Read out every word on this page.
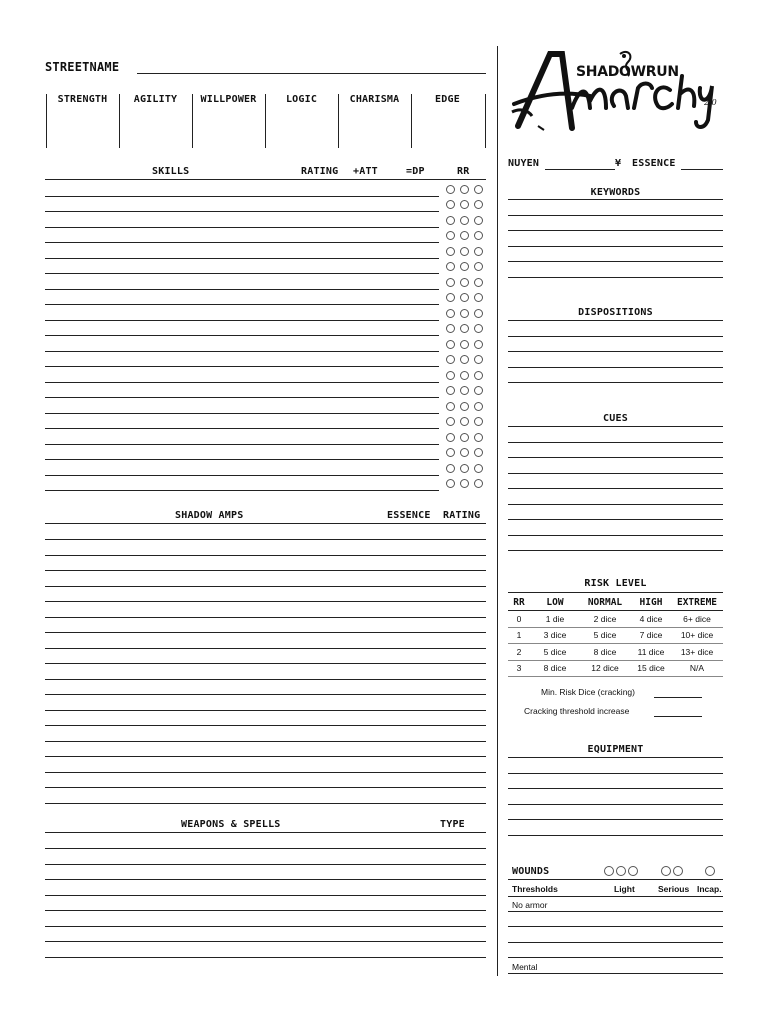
STREETNAME
STRENGTH	AGILITY	WILLPOWER	LOGIC	CHARISMA	EDGE
SKILLS	RATING +ATT	=DP	RR
SHADOW AMPS	ESSENCE RATING
WEAPONS & SPELLS	TYPE
SHADOWRUN
2.0
NUYEN	¥ ESSENCE
KEYWORDS
DISPOSITIONS
CUES
RISK LEVEL
RR	LOW	NORMAL	HIGH	EXTREME
0	1 die	2 dice	4 dice	6+ dice
1	3 dice	5 dice	7 dice	10+ dice
2	5 dice	8 dice	11 dice	13+ dice
3	8 dice	12 dice	15 dice	N/A
Min. Risk Dice (cracking)
Cracking threshold increase
EQUIPMENT
WOUNDS
Thresholds	Light	Serious Incap.
No armor
Mental
